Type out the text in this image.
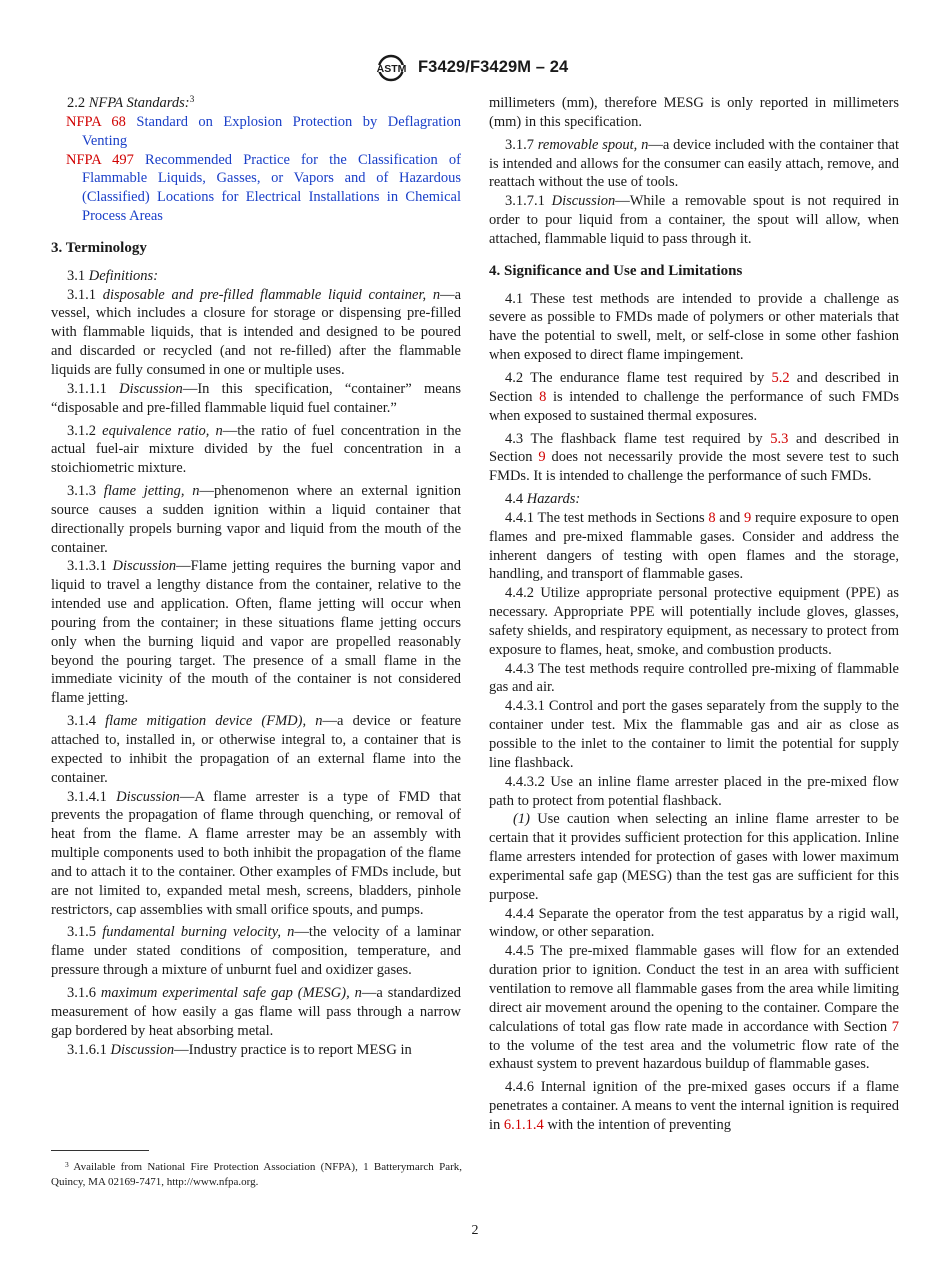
ASTM F3429/F3429M – 24

2.2 NFPA Standards:$^3$

NFPA 68 Standard on Explosion Protection by Deflagration Venting

NFPA 497 Recommended Practice for the Classification of Flammable Liquids, Gasses, or Vapors and of Hazardous (Classified) Locations for Electrical Installations in Chemical Process Areas

3. Terminology

3.1 Definitions:

3.1.1 disposable and pre-filled flammable liquid container, n—a vessel, which includes a closure for storage or dispensing pre-filled with flammable liquids, that is intended and designed to be poured and discarded or recycled (and not re-filled) after the flammable liquids are fully consumed in one or multiple uses.

3.1.1.1 Discussion—In this specification, “container” means “disposable and pre-filled flammable liquid fuel container.”

3.1.2 equivalence ratio, n—the ratio of fuel concentration in the actual fuel-air mixture divided by the fuel concentration in a stoichiometric mixture.

3.1.3 flame jetting, n—phenomenon where an external ignition source causes a sudden ignition within a liquid container that directionally propels burning vapor and liquid from the mouth of the container.

3.1.3.1 Discussion—Flame jetting requires the burning vapor and liquid to travel a lengthy distance from the container, relative to the intended use and application. Often, flame jetting will occur when pouring from the container; in these situations flame jetting occurs only when the burning liquid and vapor are propelled reasonably beyond the pouring target. The presence of a small flame in the immediate vicinity of the mouth of the container is not considered flame jetting.

3.1.4 flame mitigation device (FMD), n—a device or feature attached to, installed in, or otherwise integral to, a container that is expected to inhibit the propagation of an external flame into the container.

3.1.4.1 Discussion—A flame arrester is a type of FMD that prevents the propagation of flame through quenching, or removal of heat from the flame. A flame arrester may be an assembly with multiple components used to both inhibit the propagation of the flame and to attach it to the container. Other examples of FMDs include, but are not limited to, expanded metal mesh, screens, bladders, pinhole restrictors, cap assemblies with small orifice spouts, and pumps.

3.1.5 fundamental burning velocity, n—the velocity of a laminar flame under stated conditions of composition, temperature, and pressure through a mixture of unburnt fuel and oxidizer gases.

3.1.6 maximum experimental safe gap (MESG), n—a standardized measurement of how easily a gas flame will pass through a narrow gap bordered by heat absorbing metal.

3.1.6.1 Discussion—Industry practice is to report MESG in

millimeters (mm), therefore MESG is only reported in millimeters (mm) in this specification.

3.1.7 removable spout, n—a device included with the container that is intended and allows for the consumer can easily attach, remove, and reattach without the use of tools.

3.1.7.1 Discussion—While a removable spout is not required in order to pour liquid from a container, the spout will allow, when attached, flammable liquid to pass through it.

4. Significance and Use and Limitations

4.1 These test methods are intended to provide a challenge as severe as possible to FMDs made of polymers or other materials that have the potential to swell, melt, or self-close in some other fashion when exposed to direct flame impingement.

4.2 The endurance flame test required by 5.2 and described in Section 8 is intended to challenge the performance of such FMDs when exposed to sustained thermal exposures.

4.3 The flashback flame test required by 5.3 and described in Section 9 does not necessarily provide the most severe test to such FMDs. It is intended to challenge the performance of such FMDs.

4.4 Hazards:

4.4.1 The test methods in Sections 8 and 9 require exposure to open flames and pre-mixed flammable gases. Consider and address the inherent dangers of testing with open flames and the storage, handling, and transport of flammable gases.

4.4.2 Utilize appropriate personal protective equipment (PPE) as necessary. Appropriate PPE will potentially include gloves, glasses, safety shields, and respiratory equipment, as necessary to protect from exposure to flames, heat, smoke, and combustion products.

4.4.3 The test methods require controlled pre-mixing of flammable gas and air.

4.4.3.1 Control and port the gases separately from the supply to the container under test. Mix the flammable gas and air as close as possible to the inlet to the container to limit the potential for supply line flashback.

4.4.3.2 Use an inline flame arrester placed in the pre-mixed flow path to protect from potential flashback.

(1) Use caution when selecting an inline flame arrester to be certain that it provides sufficient protection for this application. Inline flame arresters intended for protection of gases with lower maximum experimental safe gap (MESG) than the test gas are sufficient for this purpose.

4.4.4 Separate the operator from the test apparatus by a rigid wall, window, or other separation.

4.4.5 The pre-mixed flammable gases will flow for an extended duration prior to ignition. Conduct the test in an area with sufficient ventilation to remove all flammable gases from the area while limiting direct air movement around the opening to the container. Compare the calculations of total gas flow rate made in accordance with Section 7 to the volume of the test area and the volumetric flow rate of the exhaust system to prevent hazardous buildup of flammable gases.

4.4.6 Internal ignition of the pre-mixed gases occurs if a flame penetrates a container. A means to vent the internal ignition is required in 6.1.1.4 with the intention of preventing

$^3$ Available from National Fire Protection Association (NFPA), 1 Batterymarch Park, Quincy, MA 02169-7471, http://www.nfpa.org.
2
